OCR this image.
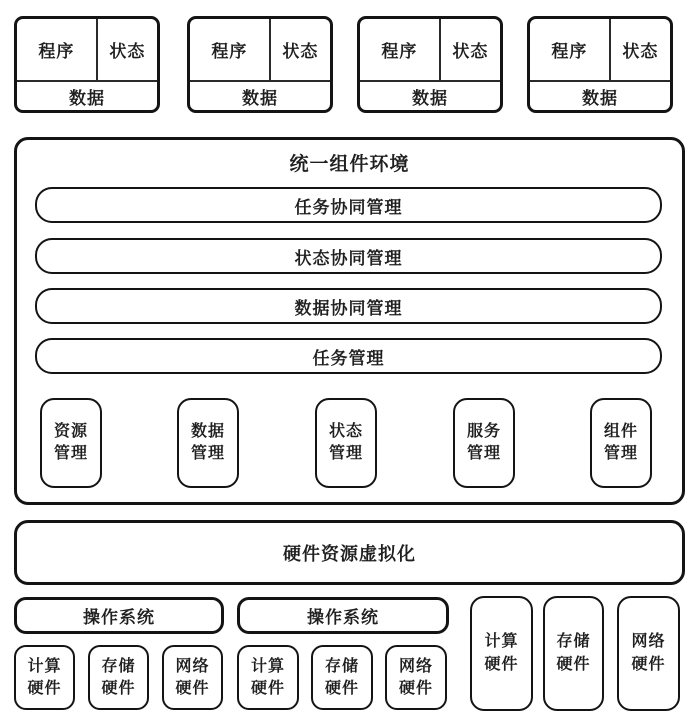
程序	状态
数据
程序	状态
数据
程序	状态
数据
程序	状态
数据
统一组件环境
任务协同管理
状态协同管理
数据协同管理
任务管理
资源
管理
数据
管理
状态
管理
服务
管理
组件
管理
硬件资源虚拟化
操作系统
计算
硬件
存储
硬件
网络
硬件
操作系统
计算
硬件
存储
硬件
网络
硬件
计算
硬件
存储
硬件
网络
硬件
